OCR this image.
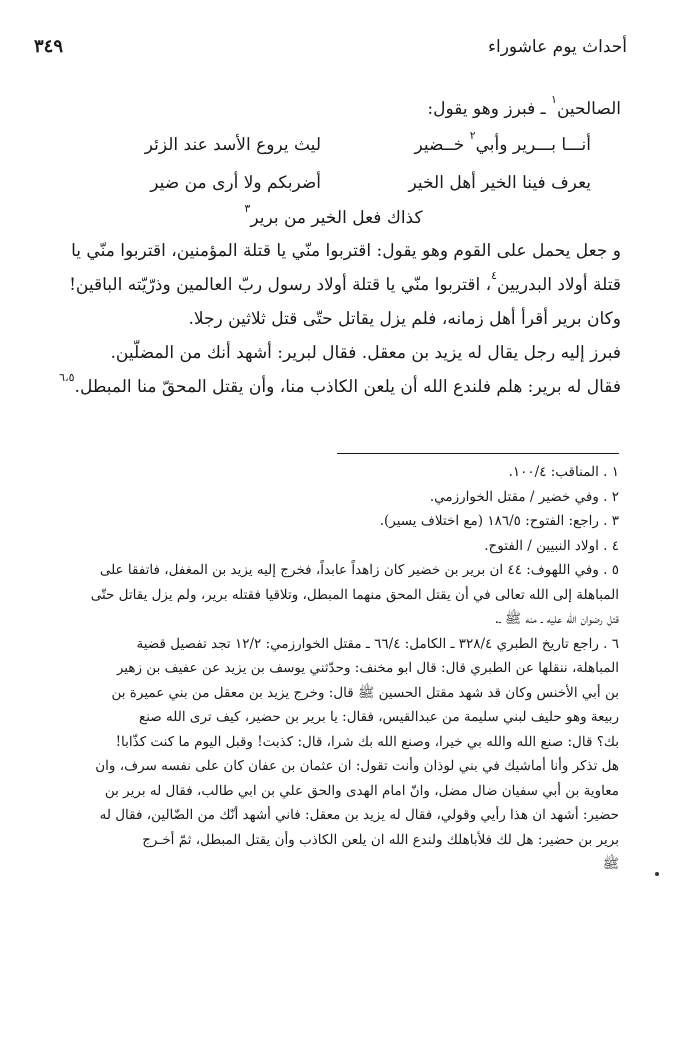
٣٤٩	أحداث يوم عاشوراء

الصالحين$^١$ ـ فبرز وهو يقول:

أنـــا بـــرير وأبي$^٢$ خــضير
ليث يروع الأسد عند الزئر
يعرف فينا الخير أهل الخير
أضربكم ولا أرى من ضير

كذاك فعل الخير من برير$^٣$

و جعل يحمل على القوم وهو يقول: اقتربوا منّي يا قتلة المؤمنين، اقتربوا منّي يا

قتلة أولاد البدريين$^٤$، اقتربوا منّي يا قتلة أولاد رسول ربّ العالمين وذرّيّته الباقين!

وكان برير أقرأ أهل زمانه، فلم يزل يقاتل حتّى قتل ثلاثين رجلا.

فبرز إليه رجل يقال له يزيد بن معقل. فقال لبرير: أشهد أنك من المضلّين.

فقال له برير: هلم فلندع الله أن يلعن الكاذب منا، وأن يقتل المحقّ منا المبطل.$^{٦،٥}$

١ . المناقب: ١٠٠/٤.

٢ . وفي خضير / مقتل الخوارزمي.

٣ . راجع: الفتوح: ١٨٦/٥ (مع اختلاف يسير).

٤ . اولاد النبيين / الفتوح.

٥ . وفي اللهوف: ٤٤ ان برير بن خضير كان زاهداً عابداً، فخرج إليه يزيد بن المغفل، فاتفقا على

المباهلة إلى الله تعالى في أن يقتل المحق منهما المبطل، وتلاقيا فقتله برير، ولم يزل يقاتل حتّى

قتل رضوان الله عليه ـ منه ﷺ ـ.

٦ . راجع تاريخ الطبري ٣٢٨/٤ ـ الكامل: ٦٦/٤ ـ مقتل الخوارزمي: ١٢/٢ تجد تفصيل قضية

المباهلة، ننقلها عن الطبري قال: قال ابو مخنف: وحدّثني يوسف بن يزيد عن عفيف بن زهير

بن أبي الأخنس وكان قد شهد مقتل الحسين ﷺ قال: وخرج يزيد بن معقل من بني عميرة بن

ربيعة وهو حليف لبني سليمة من عبدالقيس، فقال: يا برير بن حضير، كيف ترى الله صنع

بك؟ قال: صنع الله والله بي خيرا، وصنع الله بك شرا، قال: كذبت! وقبل اليوم ما كنت كذّابا!

هل تذكر وأنا أماشيك في بني لوذان وأنت تقول: ان عثمان بن عفان كان على نفسه سرف، وان

معاوية بن أبي سفيان ضال مضل، وانّ امام الهدى والحق علي بن ابي طالب، فقال له برير بن

حضير: أشهد ان هذا رأيي وقولي، فقال له يزيد بن معقل: فاني أشهد أنّك من الضّالين، فقال له

برير بن حضير: هل لك فلأباهلك ولندع الله ان يلعن الكاذب وأن يقتل المبطل، ثمّ أخـرج

ﷺ
